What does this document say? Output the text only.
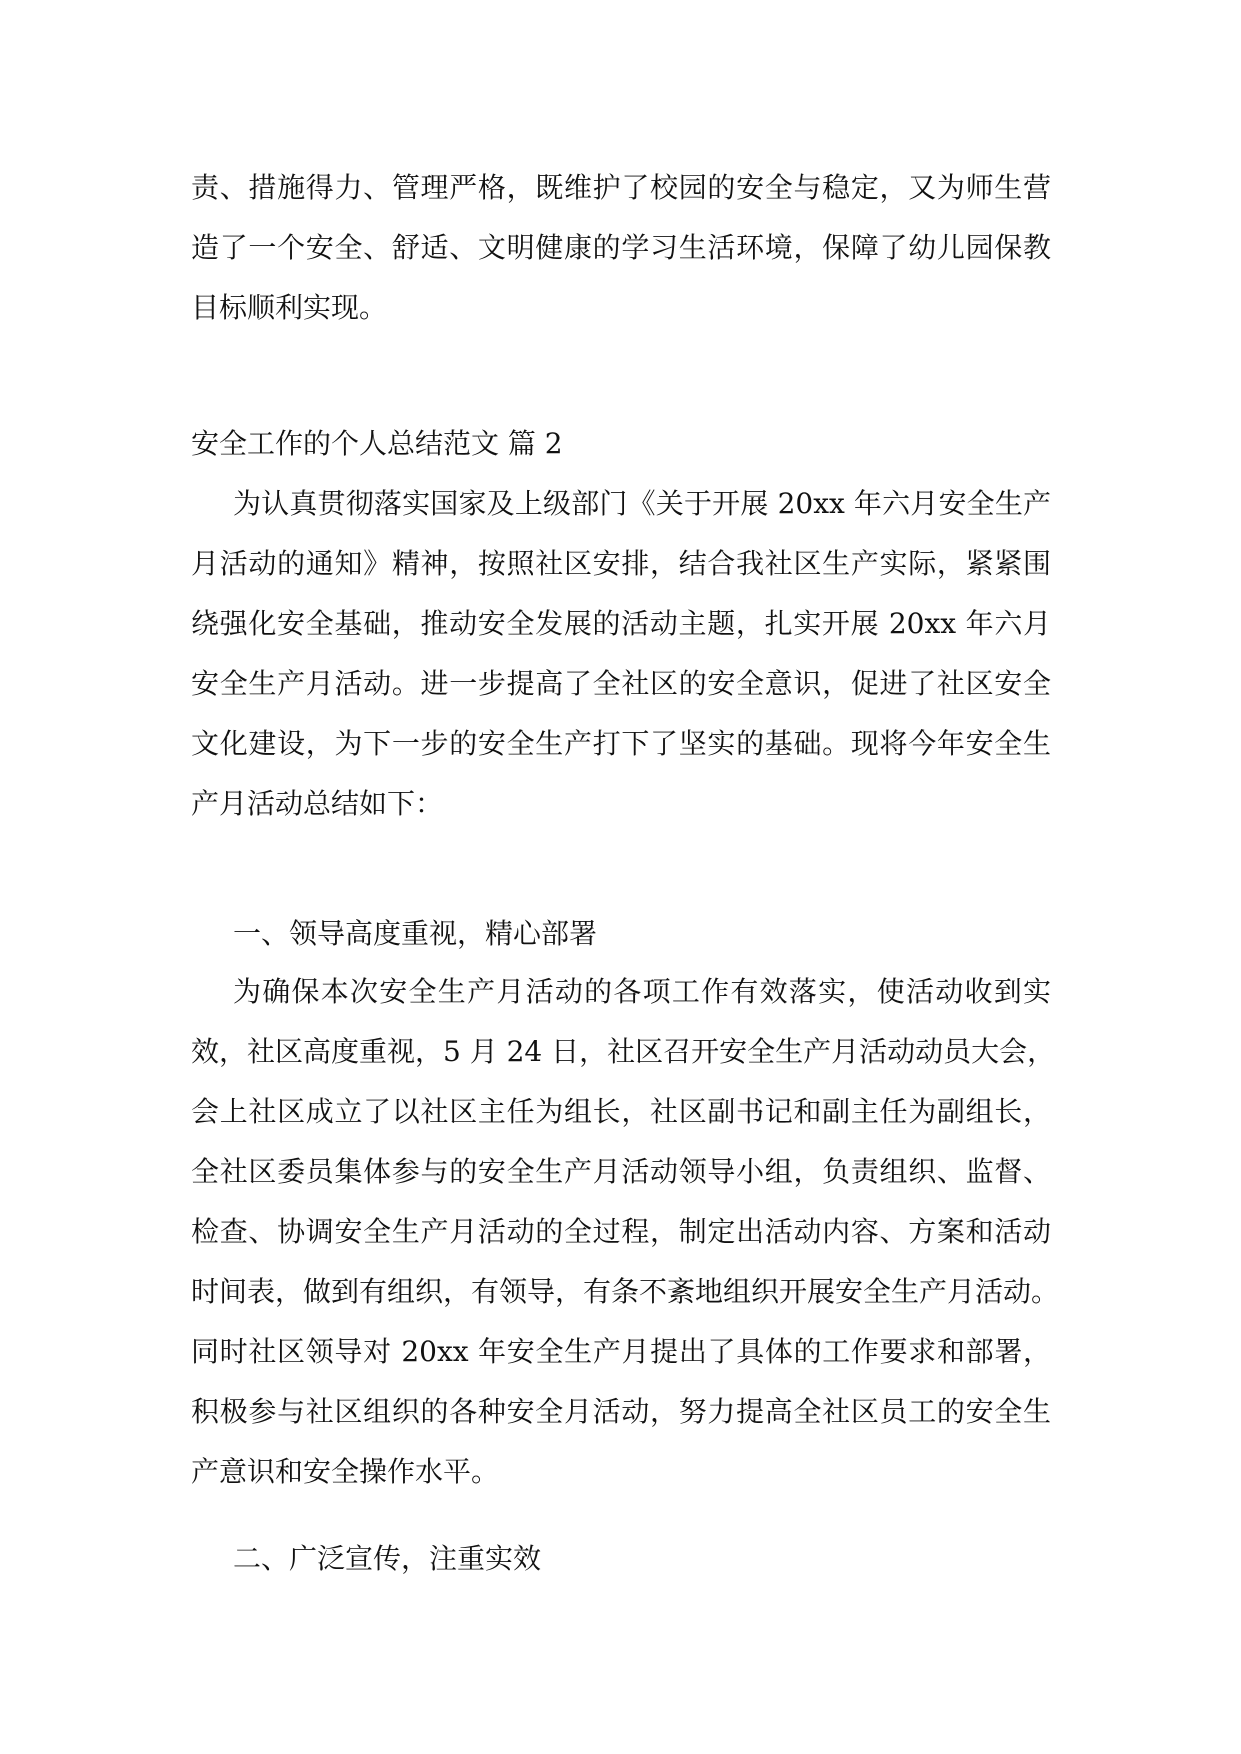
责、措施得力、管理严格，既维护了校园的安全与稳定，又为师生营
造了一个安全、舒适、文明健康的学习生活环境，保障了幼儿园保教
目标顺利实现。
安全工作的个人总结范文 篇 2
为认真贯彻落实国家及上级部门《关于开展 20xx 年六月安全生产
月活动的通知》精神，按照社区安排，结合我社区生产实际，紧紧围
绕强化安全基础，推动安全发展的活动主题，扎实开展 20xx 年六月
安全生产月活动。进一步提高了全社区的安全意识，促进了社区安全
文化建设，为下一步的安全生产打下了坚实的基础。现将今年安全生
产月活动总结如下：
一、领导高度重视，精心部署
为确保本次安全生产月活动的各项工作有效落实，使活动收到实
效，社区高度重视，5 月 24 日，社区召开安全生产月活动动员大会，
会上社区成立了以社区主任为组长，社区副书记和副主任为副组长，
全社区委员集体参与的安全生产月活动领导小组，负责组织、监督、
检查、协调安全生产月活动的全过程，制定出活动内容、方案和活动
时间表，做到有组织，有领导，有条不紊地组织开展安全生产月活动。
同时社区领导对 20xx 年安全生产月提出了具体的工作要求和部署，
积极参与社区组织的各种安全月活动，努力提高全社区员工的安全生
产意识和安全操作水平。
二、广泛宣传，注重实效
